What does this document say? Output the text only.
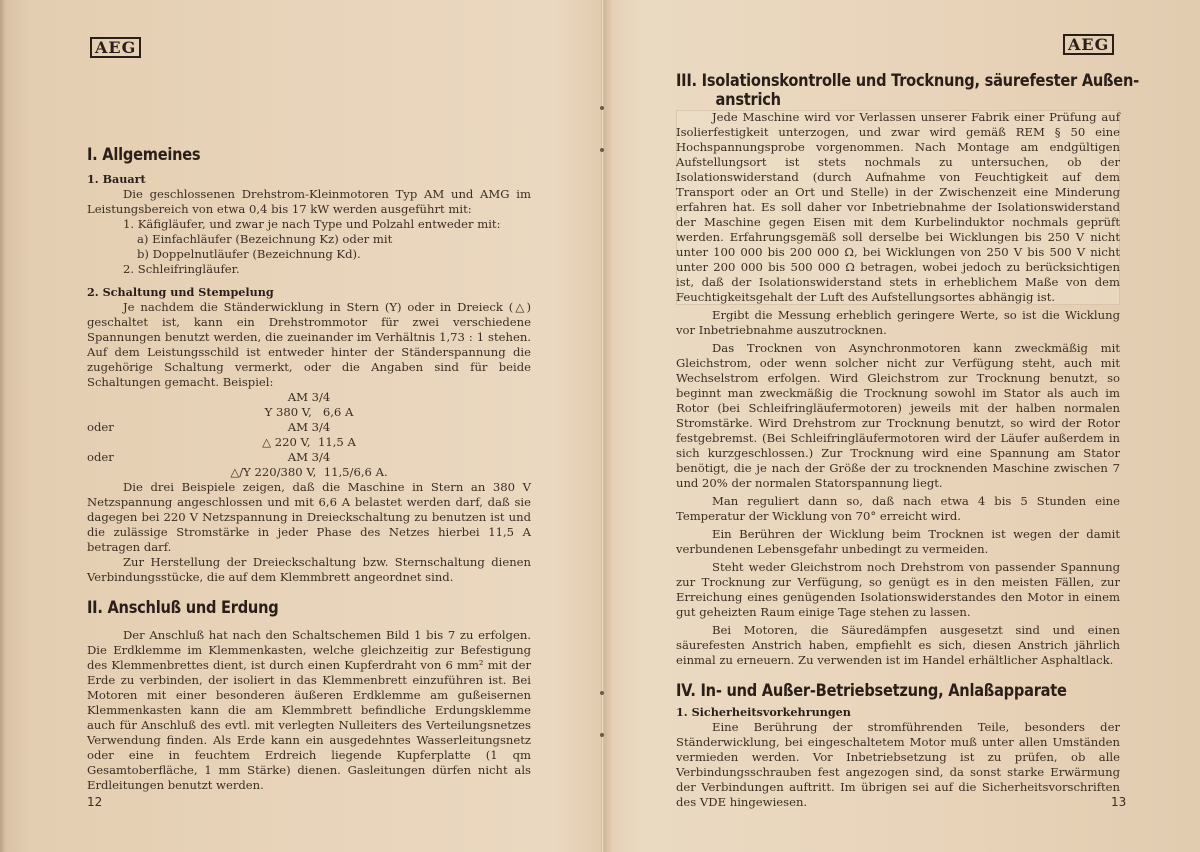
AEG
I. Allgemeines
1. Bauart

Die geschlossenen Drehstrom-Kleinmotoren Typ AM und AMG im Leistungsbereich von etwa 0,4 bis 17 kW werden ausgeführt mit:

1. Käfigläufer, und zwar je nach Type und Polzahl entweder mit:
a) Einfachläufer (Bezeichnung Kz) oder mit
b) Doppelnutläufer (Bezeichnung Kd).
2. Schleifringläufer.
2. Schaltung und Stempelung

Je nachdem die Ständerwicklung in Stern (Y) oder in Dreieck (△) geschaltet ist, kann ein Drehstrommotor für zwei verschiedene Spannungen benutzt werden, die zueinander im Verhältnis 1,73 : 1 stehen. Auf dem Leistungsschild ist entweder hinter der Ständerspannung die zugehörige Schaltung vermerkt, oder die Angaben sind für beide Schaltungen gemacht. Beispiel:

AM 3/4
Y 380 V,   6,6 A
oder	AM 3/4
△ 220 V,  11,5 A
oder	AM 3/4
△/Y 220/380 V,  11,5/6,6 A.

Die drei Beispiele zeigen, daß die Maschine in Stern an 380 V Netzspannung angeschlossen und mit 6,6 A belastet werden darf, daß sie dagegen bei 220 V Netzspannung in Dreieckschaltung zu benutzen ist und die zulässige Stromstärke in jeder Phase des Netzes hierbei 11,5 A betragen darf.

Zur Herstellung der Dreieckschaltung bzw. Sternschaltung dienen Verbindungsstücke, die auf dem Klemmbrett angeordnet sind.

II. Anschluß und Erdung

Der Anschluß hat nach den Schaltschemen Bild 1 bis 7 zu erfolgen. Die Erdklemme im Klemmenkasten, welche gleichzeitig zur Befestigung des Klemmenbrettes dient, ist durch einen Kupferdraht von 6 mm² mit der Erde zu verbinden, der isoliert in das Klemmenbrett einzuführen ist. Bei Motoren mit einer besonderen äußeren Erdklemme am gußeisernen Klemmenkasten kann die am Klemmbrett befindliche Erdungsklemme auch für Anschluß des evtl. mit verlegten Nulleiters des Verteilungsnetzes Verwendung finden. Als Erde kann ein ausgedehntes Wasserleitungsnetz oder eine in feuchtem Erdreich liegende Kupferplatte (1 qm Gesamtoberfläche, 1 mm Stärke) dienen. Gasleitungen dürfen nicht als Erdleitungen benutzt werden.

12
AEG
III. Isolationskontrolle und Trocknung, säurefester Außen-
anstrich

Jede Maschine wird vor Verlassen unserer Fabrik einer Prüfung auf Isolierfestigkeit unterzogen, und zwar wird gemäß REM § 50 eine Hochspannungsprobe vorgenommen. Nach Montage am endgültigen Aufstellungsort ist stets nochmals zu untersuchen, ob der Isolationswiderstand (durch Aufnahme von Feuchtigkeit auf dem Transport oder an Ort und Stelle) in der Zwischenzeit eine Minderung erfahren hat. Es soll daher vor Inbetriebnahme der Isolationswiderstand der Maschine gegen Eisen mit dem Kurbelinduktor nochmals geprüft werden. Erfahrungsgemäß soll derselbe bei Wicklungen bis 250 V nicht unter 100 000 bis 200 000 Ω, bei Wicklungen von 250 V bis 500 V nicht unter 200 000 bis 500 000 Ω betragen, wobei jedoch zu berücksichtigen ist, daß der Isolationswiderstand stets in erheblichem Maße von dem Feuchtigkeitsgehalt der Luft des Aufstellungsortes abhängig ist.

Ergibt die Messung erheblich geringere Werte, so ist die Wicklung vor Inbetriebnahme auszutrocknen.

Das Trocknen von Asynchronmotoren kann zweckmäßig mit Gleichstrom, oder wenn solcher nicht zur Verfügung steht, auch mit Wechselstrom erfolgen. Wird Gleichstrom zur Trocknung benutzt, so beginnt man zweckmäßig die Trocknung sowohl im Stator als auch im Rotor (bei Schleifringläufermotoren) jeweils mit der halben normalen Stromstärke. Wird Drehstrom zur Trocknung benutzt, so wird der Rotor festgebremst. (Bei Schleifringläufermotoren wird der Läufer außerdem in sich kurzgeschlossen.) Zur Trocknung wird eine Spannung am Stator benötigt, die je nach der Größe der zu trocknenden Maschine zwischen 7 und 20% der normalen Statorspannung liegt.

Man reguliert dann so, daß nach etwa 4 bis 5 Stunden eine Temperatur der Wicklung von 70° erreicht wird.

Ein Berühren der Wicklung beim Trocknen ist wegen der damit verbundenen Lebensgefahr unbedingt zu vermeiden.

Steht weder Gleichstrom noch Drehstrom von passender Spannung zur Trocknung zur Verfügung, so genügt es in den meisten Fällen, zur Erreichung eines genügenden Isolationswiderstandes den Motor in einem gut geheizten Raum einige Tage stehen zu lassen.

Bei Motoren, die Säuredämpfen ausgesetzt sind und einen säurefesten Anstrich haben, empfiehlt es sich, diesen Anstrich jährlich einmal zu erneuern. Zu verwenden ist im Handel erhältlicher Asphaltlack.

IV. In- und Außer-Betriebsetzung, Anlaßapparate
1. Sicherheitsvorkehrungen

Eine Berührung der stromführenden Teile, besonders der Ständerwicklung, bei eingeschaltetem Motor muß unter allen Umständen vermieden werden. Vor Inbetriebsetzung ist zu prüfen, ob alle Verbindungsschrauben fest angezogen sind, da sonst starke Erwärmung der Verbindungen auftritt. Im übrigen sei auf die Sicherheitsvorschriften des VDE hingewiesen.	13
